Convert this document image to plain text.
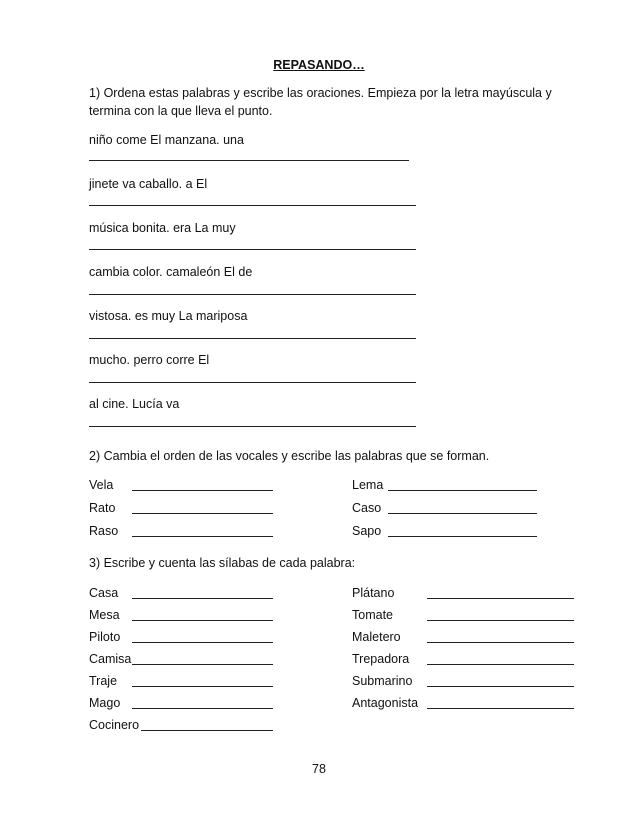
REPASANDO…
1) Ordena estas palabras y escribe las oraciones. Empieza por la letra mayúscula y termina con la que lleva el punto.
niño come El manzana. una
jinete va caballo. a El
música bonita. era La muy
cambia color. camaleón El de
vistosa. es muy La mariposa
mucho. perro corre El
al cine. Lucía va
2) Cambia el orden de las vocales y escribe las palabras que se forman.
Vela
Rato
Raso
Lema
Caso
Sapo
3) Escribe y cuenta las sílabas de cada palabra:
Casa
Mesa
Piloto
Camisa
Traje
Mago
Cocinero
Plátano
Tomate
Maletero
Trepadora
Submarino
Antagonista
78
